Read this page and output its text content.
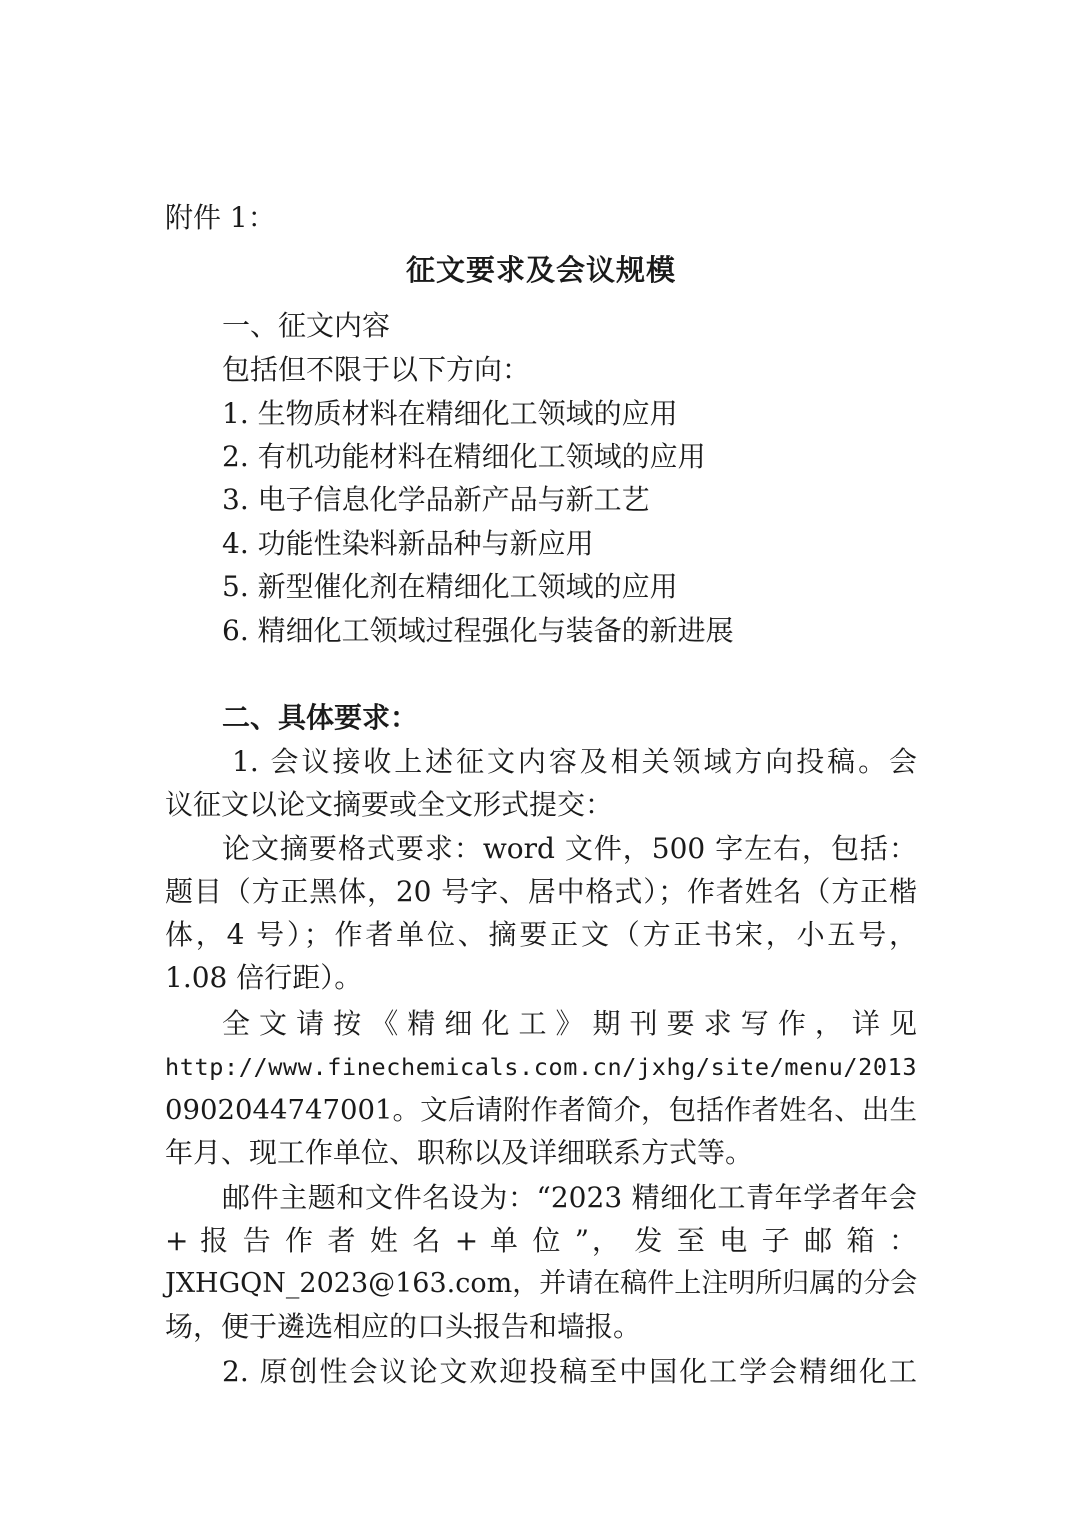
附件 1：

征文要求及会议规模

一、征文内容

包括但不限于以下方向：

1. 生物质材料在精细化工领域的应用

2. 有机功能材料在精细化工领域的应用

3. 电子信息化学品新产品与新工艺

4. 功能性染料新品种与新应用

5. 新型催化剂在精细化工领域的应用

6. 精细化工领域过程强化与装备的新进展

二、具体要求：

1. 会议接收上述征文内容及相关领域方向投稿。会

议征文以论文摘要或全文形式提交：

论文摘要格式要求：word 文件，500 字左右，包括：

题目（方正黑体，20 号字、居中格式）；作者姓名（方正楷

体，4 号）；作者单位、摘要正文（方正书宋，小五号，

1.08 倍行距）。

全文请按《精细化工》期刊要求写作，详见

http://www.finechemicals.com.cn/jxhg/site/menu/2013

0902044747001。文后请附作者简介，包括作者姓名、出生

年月、现工作单位、职称以及详细联系方式等。

邮件主题和文件名设为：“2023 精细化工青年学者年会

+ 报 告 作 者 姓 名 + 单 位 ”， 发 至 电 子 邮 箱 ：

JXHGQN_2023@163.com，并请在稿件上注明所归属的分会

场，便于遴选相应的口头报告和墙报。

2. 原创性会议论文欢迎投稿至中国化工学会精细化工
